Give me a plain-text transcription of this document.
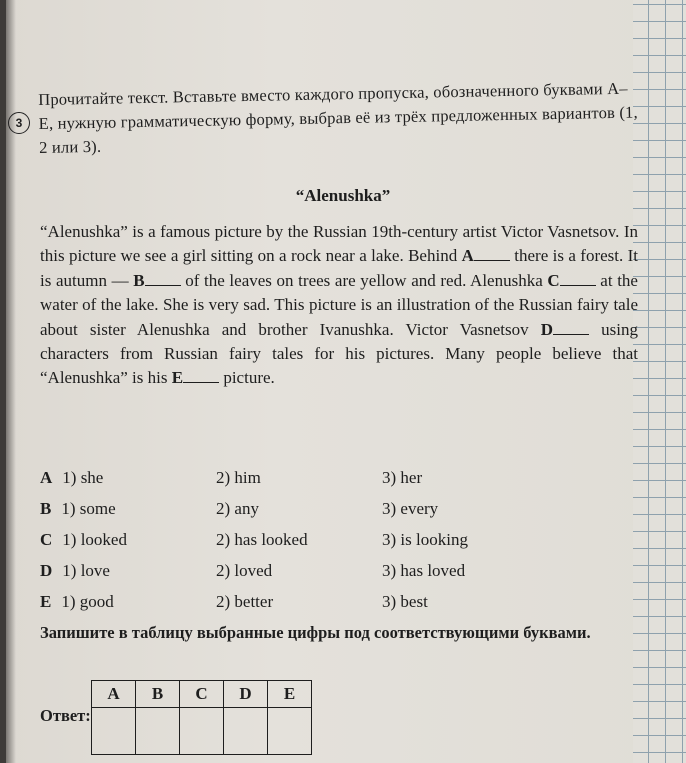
3
Прочитайте текст. Вставьте вместо каждого пропуска, обозначенного буквами A–E, нужную грамматическую форму, выбрав её из трёх предложенных вариантов (1, 2 или 3).
“Alenushka”
“Alenushka” is a famous picture by the Russian 19th-century artist Victor Vasnetsov. In this picture we see a girl sitting on a rock near a lake. Behind A there is a forest. It is autumn — B of the leaves on trees are yellow and red. Alenushka C at the water of the lake. She is very sad. This picture is an illustration of the Russian fairy tale about sister Alenushka and brother Ivanushka. Victor Vasnetsov D using characters from Russian fairy tales for his pictures. Many people believe that “Alenushka” is his E picture.
A 1) she	2) him	3) her
B 1) some	2) any	3) every
C 1) looked	2) has looked	3) is looking
D 1) love	2) loved	3) has loved
E 1) good	2) better	3) best
Запишите в таблицу выбранные цифры под соответствующими буквами.
Ответ:
A	B	C	D	E
